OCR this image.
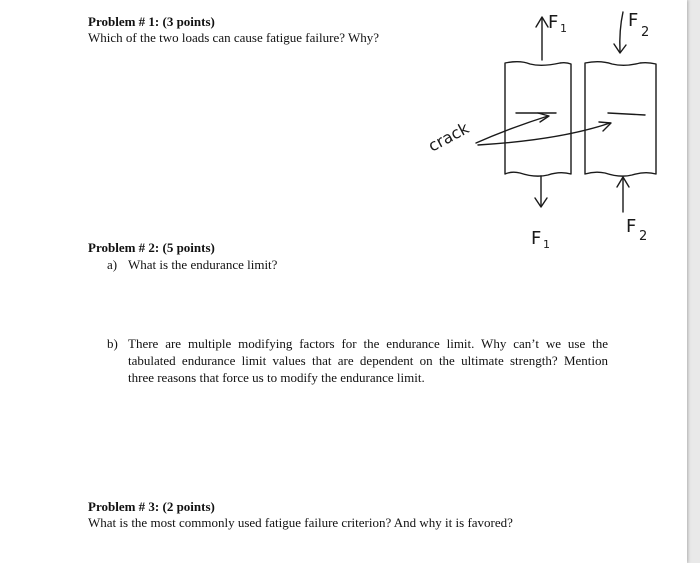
Problem # 1: (3 points)
Which of the two loads can cause fatigue failure? Why?
crack
F 1	F
2
F 1
F 2
Problem # 2: (5 points)
a) What is the endurance limit?
b) There are multiple modifying factors for the endurance limit. Why can’t we use the
tabulated endurance limit values that are dependent on the ultimate strength? Mention
three reasons that force us to modify the endurance limit.
Problem # 3: (2 points)
What is the most commonly used fatigue failure criterion? And why it is favored?
